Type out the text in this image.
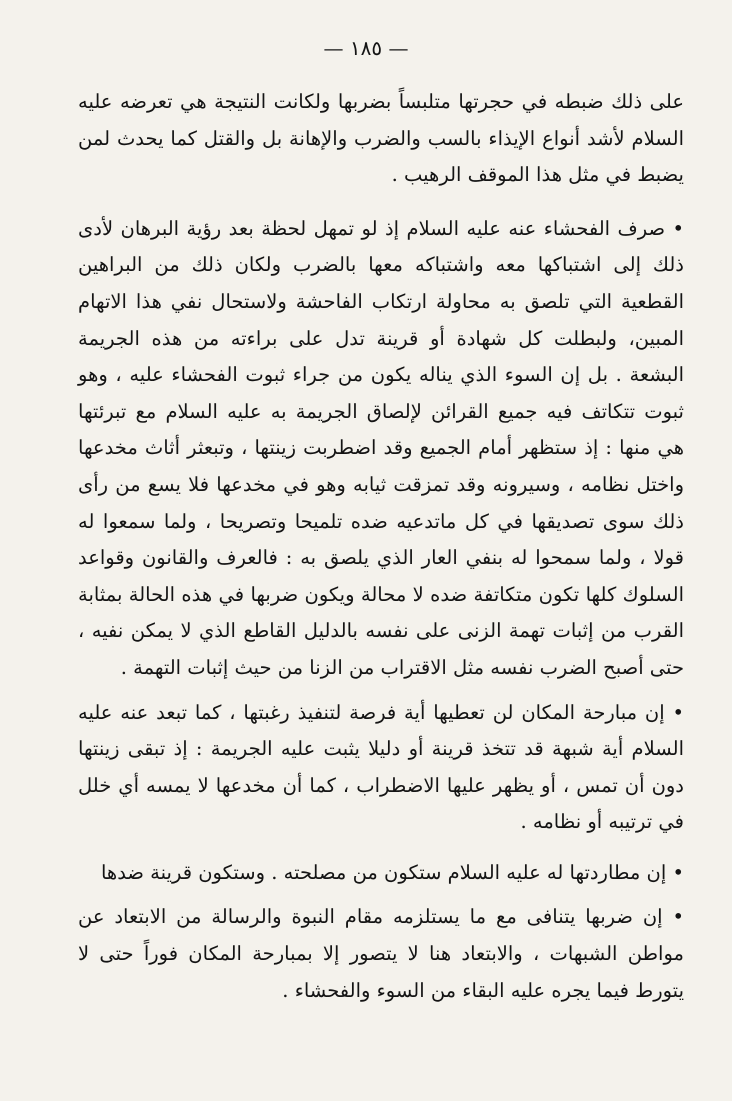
— ١٨٥ —

على ذلك ضبطه في حجرتها متلبساً بضربها ولكانت النتيجة هي تعرضه عليه السلام لأشد أنواع الإيذاء بالسب والضرب والإهانة بل والقتل كما يحدث لمن يضبط في مثل هذا الموقف الرهيب .

• صرف الفحشاء عنه عليه السلام إذ لو تمهل لحظة بعد رؤية البرهان لأدى ذلك إلى اشتباكها معه واشتباكه معها بالضرب ولكان ذلك من البراهين القطعية التي تلصق به محاولة ارتكاب الفاحشة ولاستحال نفي هذا الاتهام المبين، ولبطلت كل شهادة أو قرينة تدل على براءته من هذه الجريمة البشعة . بل إن السوء الذي يناله يكون من جراء ثبوت الفحشاء عليه ، وهو ثبوت تتكاتف فيه جميع القرائن لإلصاق الجريمة به عليه السلام مع تبرئتها هي منها : إذ ستظهر أمام الجميع وقد اضطربت زينتها ، وتبعثر أثاث مخدعها واختل نظامه ، وسيرونه وقد تمزقت ثيابه وهو في مخدعها فلا يسع من رأى ذلك سوى تصديقها في كل ماتدعيه ضده تلميحا وتصريحا ، ولما سمعوا له قولا ، ولما سمحوا له بنفي العار الذي يلصق به : فالعرف والقانون وقواعد السلوك كلها تكون متكاتفة ضده لا محالة ويكون ضربها في هذه الحالة بمثابة القرب من إثبات تهمة الزنى على نفسه بالدليل القاطع الذي لا يمكن نفيه ، حتى أصبح الضرب نفسه مثل الاقتراب من الزنا من حيث إثبات التهمة .

• إن مبارحة المكان لن تعطيها أية فرصة لتنفيذ رغبتها ، كما تبعد عنه عليه السلام أية شبهة قد تتخذ قرينة أو دليلا يثبت عليه الجريمة : إذ تبقى زينتها دون أن تمس ، أو يظهر عليها الاضطراب ، كما أن مخدعها لا يمسه أي خلل في ترتيبه أو نظامه .

• إن مطاردتها له عليه السلام ستكون من مصلحته . وستكون قرينة ضدها

• إن ضربها يتنافى مع ما يستلزمه مقام النبوة والرسالة من الابتعاد عن مواطن الشبهات ، والابتعاد هنا لا يتصور إلا بمبارحة المكان فوراً حتى لا يتورط فيما يجره عليه البقاء من السوء والفحشاء .
